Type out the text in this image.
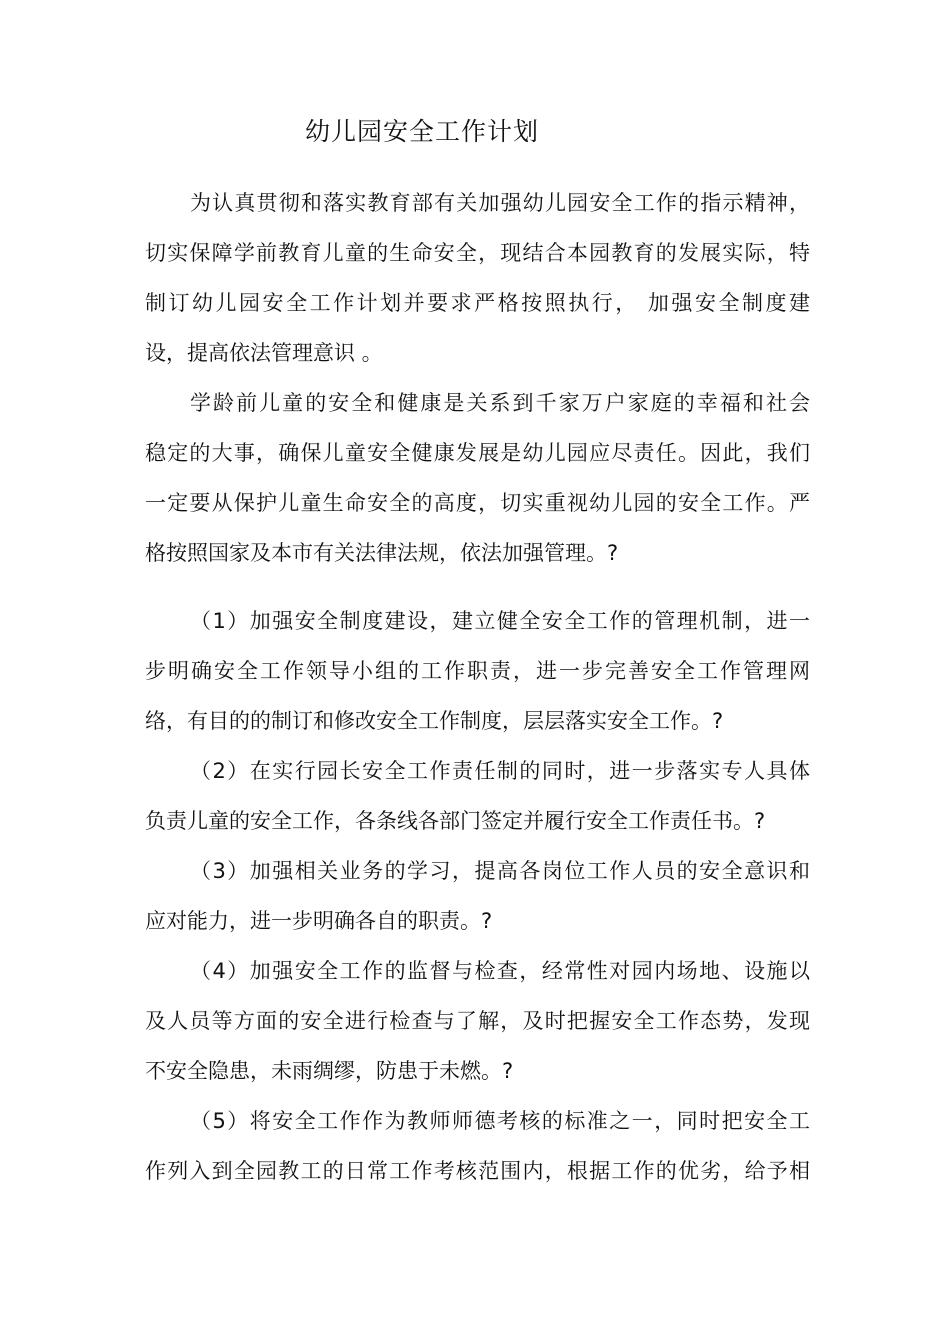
幼儿园安全工作计划
为认真贯彻和落实教育部有关加强幼儿园安全工作的指示精神，
切实保障学前教育儿童的生命安全，现结合本园教育的发展实际，特
制订幼儿园安全工作计划并要求严格按照执行， 加强安全制度建
设，提高依法管理意识 。
学龄前儿童的安全和健康是关系到千家万户家庭的幸福和社会
稳定的大事，确保儿童安全健康发展是幼儿园应尽责任。因此，我们
一定要从保护儿童生命安全的高度，切实重视幼儿园的安全工作。严
格按照国家及本市有关法律法规，依法加强管理。?
（1）加强安全制度建设，建立健全安全工作的管理机制，进一
步明确安全工作领导小组的工作职责，进一步完善安全工作管理网
络，有目的的制订和修改安全工作制度，层层落实安全工作。?
（2）在实行园长安全工作责任制的同时，进一步落实专人具体
负责儿童的安全工作，各条线各部门签定并履行安全工作责任书。?
（3）加强相关业务的学习，提高各岗位工作人员的安全意识和
应对能力，进一步明确各自的职责。?
（4）加强安全工作的监督与检查，经常性对园内场地、设施以
及人员等方面的安全进行检查与了解，及时把握安全工作态势，发现
不安全隐患，未雨绸缪，防患于未燃。?
（5）将安全工作作为教师师德考核的标准之一，同时把安全工
作列入到全园教工的日常工作考核范围内，根据工作的优劣，给予相
